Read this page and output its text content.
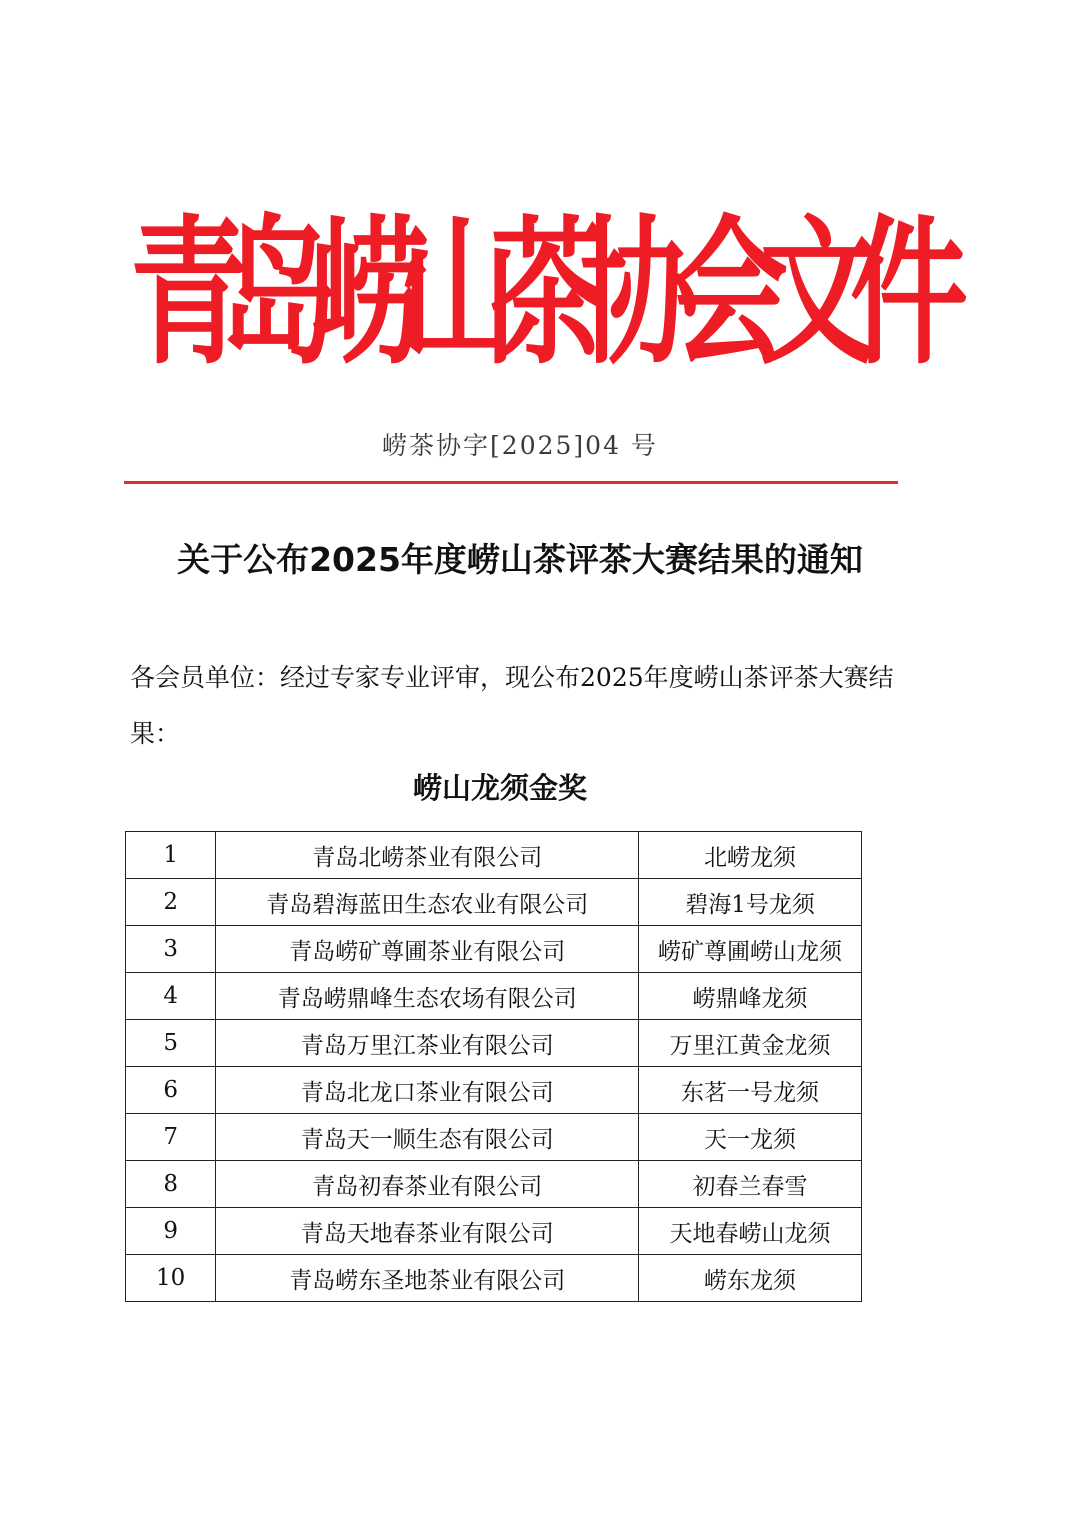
青
岛
崂
山
茶
协
会
文
件
崂茶协字[2025]04 号
关于公布2025年度崂山茶评茶大赛结果的通知
各会员单位：经过专家专业评审，现公布2025年度崂山茶评茶大赛结果：
崂山龙须金奖
1	青岛北崂茶业有限公司	北崂龙须
2	青岛碧海蓝田生态农业有限公司	碧海1号龙须
3	青岛崂矿尊圃茶业有限公司	崂矿尊圃崂山龙须
4	青岛崂鼎峰生态农场有限公司	崂鼎峰龙须
5	青岛万里江茶业有限公司	万里江黄金龙须
6	青岛北龙口茶业有限公司	东茗一号龙须
7	青岛天一顺生态有限公司	天一龙须
8	青岛初春茶业有限公司	初春兰春雪
9	青岛天地春茶业有限公司	天地春崂山龙须
10	青岛崂东圣地茶业有限公司	崂东龙须
